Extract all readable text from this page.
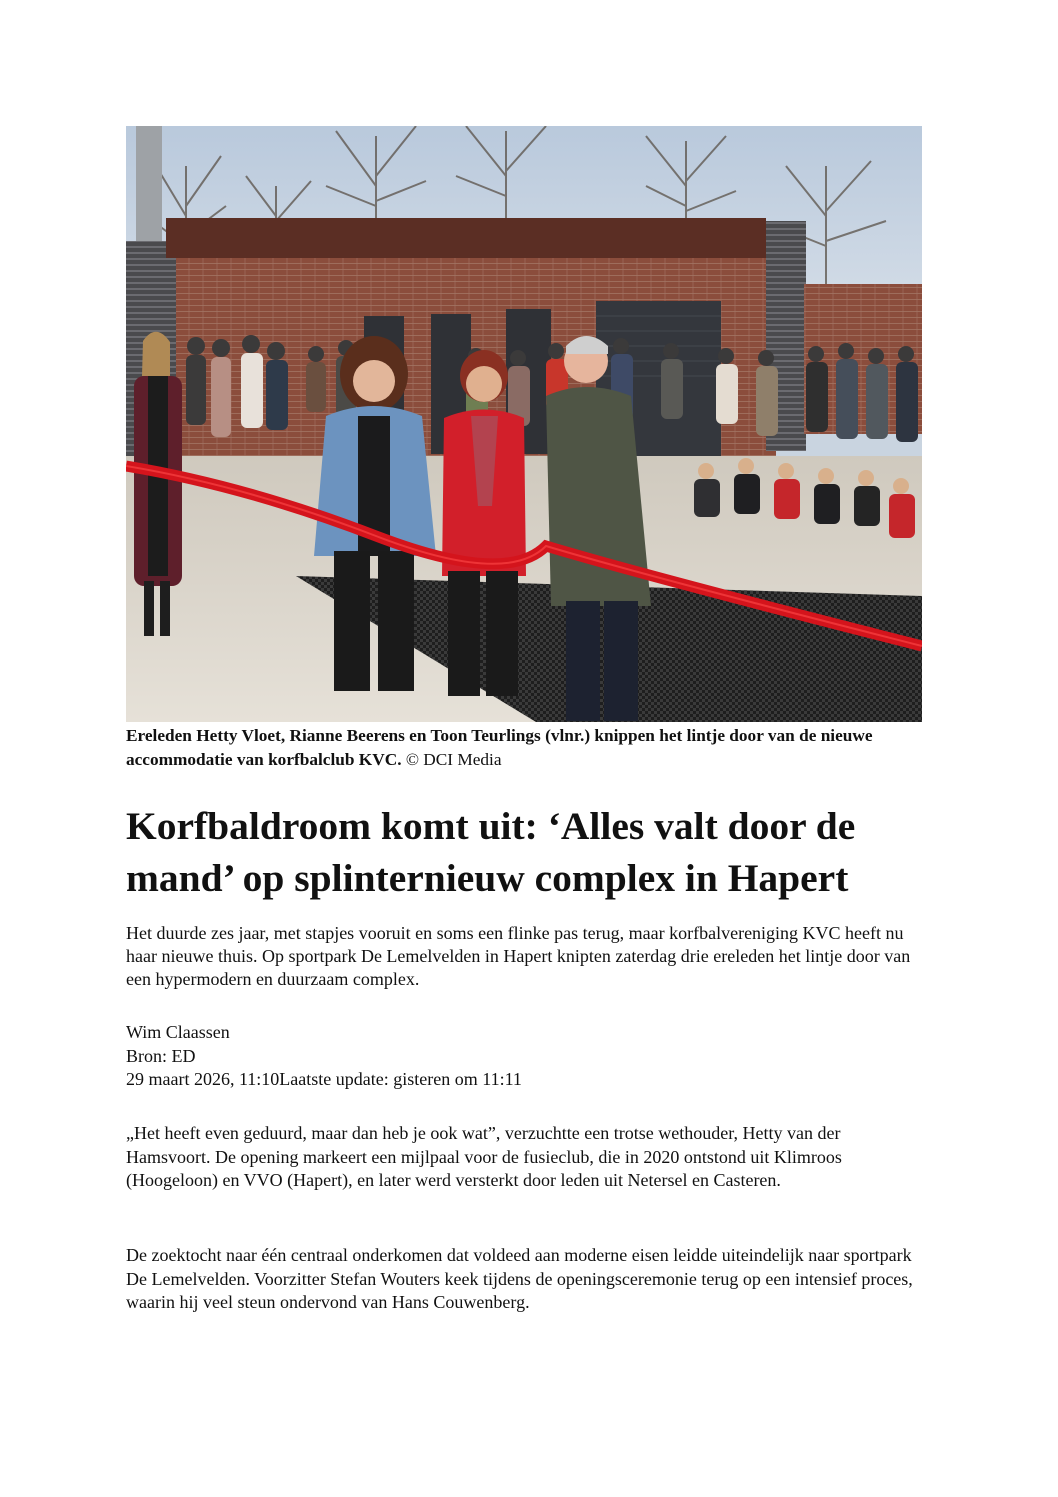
Ereleden Hetty Vloet, Rianne Beerens en Toon Teurlings (vlnr.) knippen het lintje door van de nieuwe accommodatie van korfbalclub KVC. © DCI Media
Korfbaldroom komt uit: ‘Alles valt door de mand’ op splinternieuw complex in Hapert

Het duurde zes jaar, met stapjes vooruit en soms een flinke pas terug, maar korfbalvereniging KVC heeft nu haar nieuwe thuis. Op sportpark De Lemelvelden in Hapert knipten zaterdag drie ereleden het lintje door van een hypermodern en duurzaam complex.

Wim Claassen
Bron: ED
29 maart 2026, 11:10Laatste update: gisteren om 11:11

„Het heeft even geduurd, maar dan heb je ook wat”, verzuchtte een trotse wethouder, Hetty van der Hamsvoort. De opening markeert een mijlpaal voor de fusieclub, die in 2020 ontstond uit Klimroos (Hoogeloon) en VVO (Hapert), en later werd versterkt door leden uit Netersel en Casteren.

De zoektocht naar één centraal onderkomen dat voldeed aan moderne eisen leidde uiteindelijk naar sportpark De Lemelvelden. Voorzitter Stefan Wouters keek tijdens de openingsceremonie terug op een intensief proces, waarin hij veel steun ondervond van Hans Couwenberg.
